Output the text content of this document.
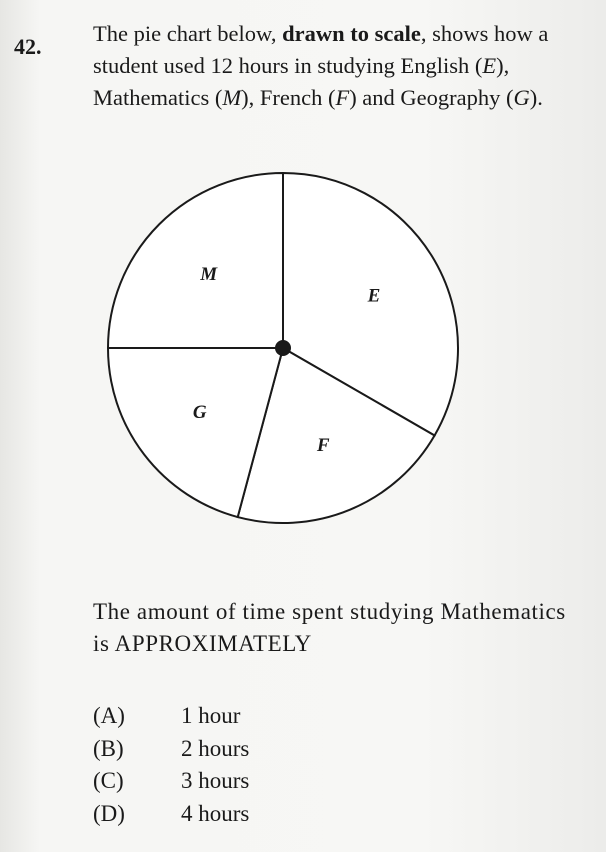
42.
The pie chart below, drawn to scale, shows how a student used 12 hours in studying English (E), Mathematics (M), French (F) and Geography (G).
E
F
G
M
The amount of time spent studying Mathematics is APPROXIMATELY
(A)	1 hour
(B)	2 hours
(C)	3 hours
(D)	4 hours
